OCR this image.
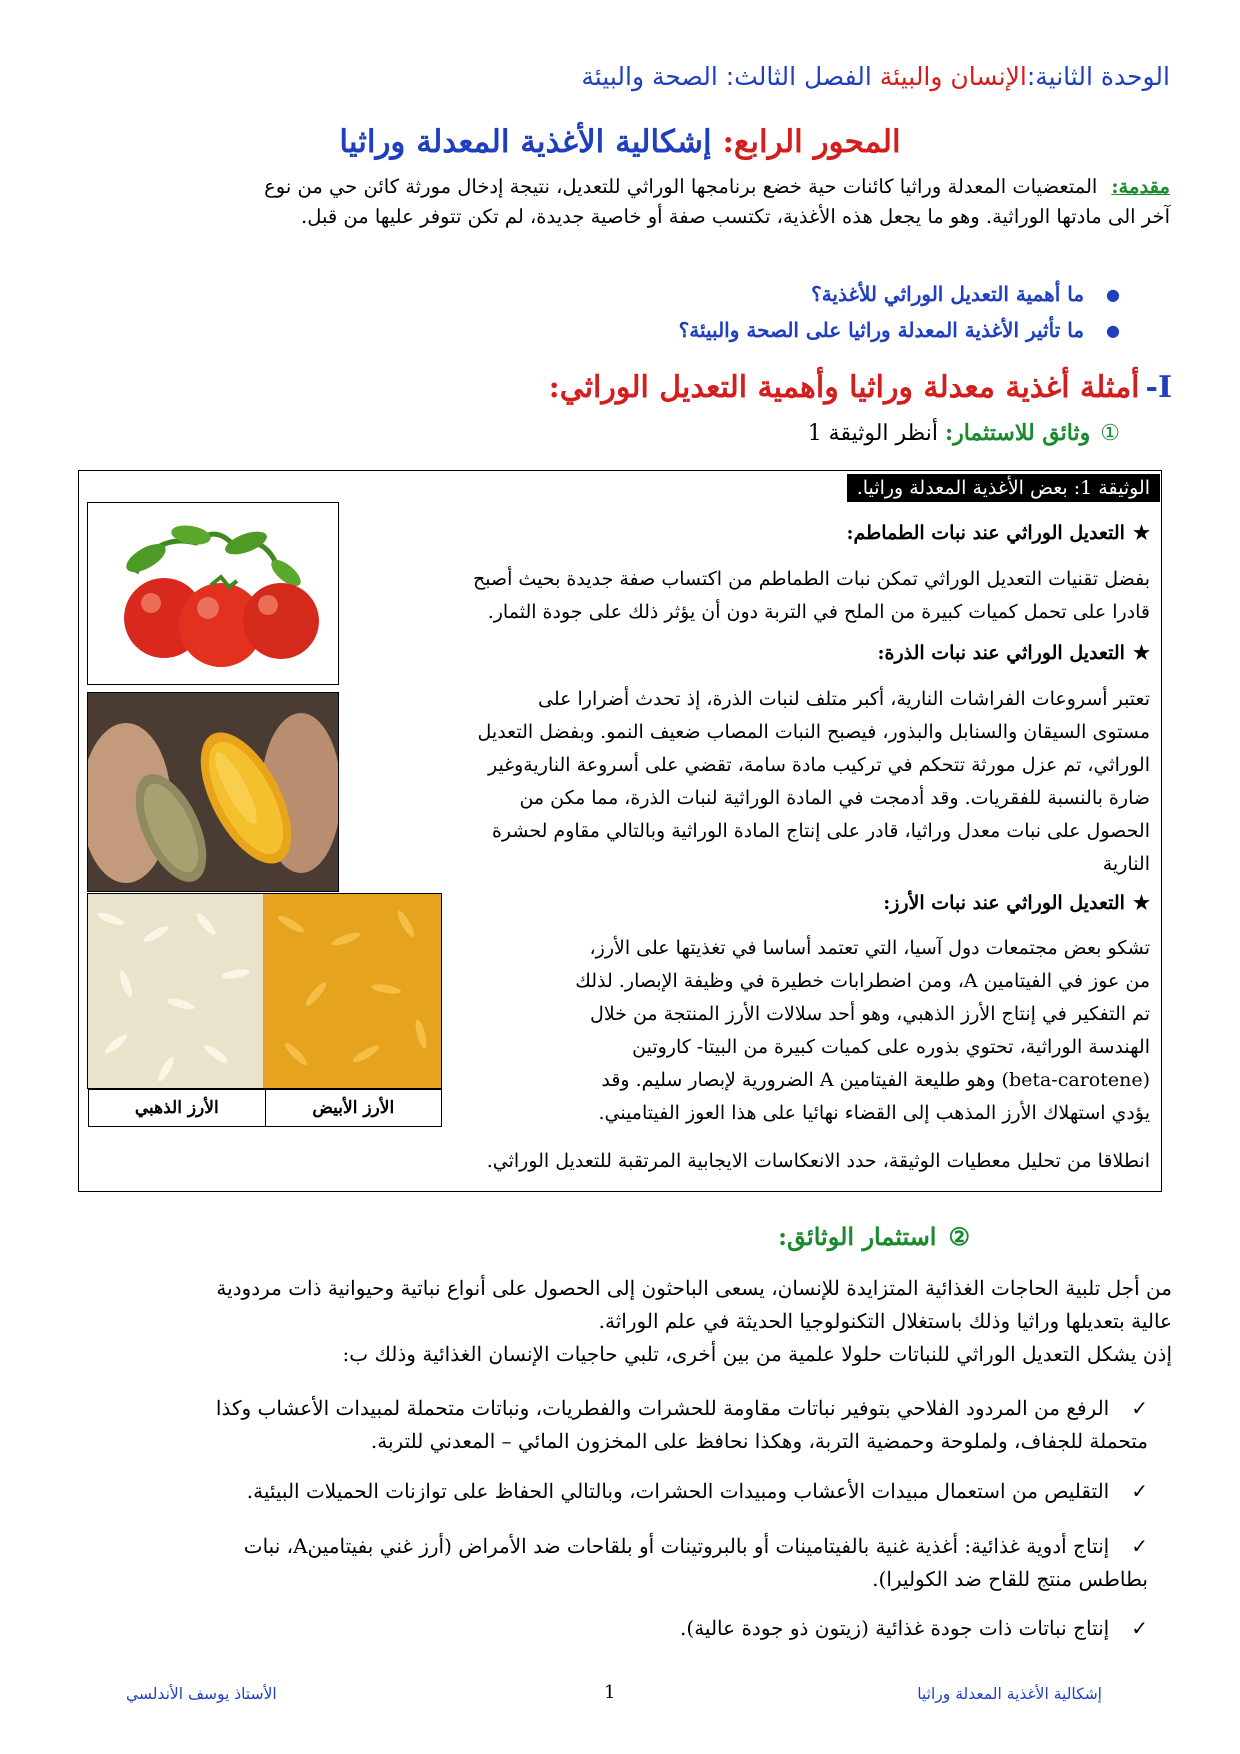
الوحدة الثانية:الإنسان والبيئة الفصل الثالث: الصحة والبيئة
المحور الرابع: إشكالية الأغذية المعدلة وراثيا
مقدمة:المتعضيات المعدلة وراثيا كائنات حية خضع برنامجها الوراثي للتعديل، نتيجة إدخال مورثة كائن حي من نوع
آخر الى مادتها الوراثية. وهو ما يجعل هذه الأغذية، تكتسب صفة أو خاصية جديدة، لم تكن تتوفر عليها من قبل.
●
ما أهمية التعديل الوراثي للأغذية؟
●
ما تأثير الأغذية المعدلة وراثيا على الصحة والبيئة؟
I-أمثلة أغذية معدلة وراثيا وأهمية التعديل الوراثي:
①وثائق للاستثمار: أنظر الوثيقة 1
الوثيقة 1: بعض الأغذية المعدلة وراثيا.
الأرز الأبيض
الأرز الذهبي
★التعديل الوراثي عند نبات الطماطم:
بفضل تقنيات التعديل الوراثي تمكن نبات الطماطم من اكتساب صفة جديدة بحيث أصبح
قادرا على تحمل كميات كبيرة من الملح في التربة دون أن يؤثر ذلك على جودة الثمار.
★التعديل الوراثي عند نبات الذرة:
تعتبر أسروعات الفراشات النارية، أكبر متلف لنبات الذرة، إذ تحدث أضرارا على
مستوى السيقان والسنابل والبذور، فيصبح النبات المصاب ضعيف النمو. وبفضل التعديل
الوراثي، تم عزل مورثة تتحكم في تركيب مادة سامة، تقضي على أسروعة الناريةوغير
ضارة بالنسبة للفقريات. وقد أدمجت في المادة الوراثية لنبات الذرة، مما مكن من
الحصول على نبات معدل وراثيا، قادر على إنتاج المادة الوراثية وبالتالي مقاوم لحشرة
النارية
★التعديل الوراثي عند نبات الأرز:
تشكو بعض مجتمعات دول آسيا، التي تعتمد أساسا في تغذيتها على الأرز،
من عوز في الفيتامين A، ومن اضطرابات خطيرة في وظيفة الإبصار. لذلك
تم التفكير في إنتاج الأرز الذهبي، وهو أحد سلالات الأرز المنتجة من خلال
الهندسة الوراثية، تحتوي بذوره على كميات كبيرة من البيتا- كاروتين
(beta-carotene) وهو طليعة الفيتامين A الضرورية لإبصار سليم. وقد
يؤدي استهلاك الأرز المذهب إلى القضاء نهائيا على هذا العوز الفيتاميني.
انطلاقا من تحليل معطيات الوثيقة، حدد الانعكاسات الايجابية المرتقبة للتعديل الوراثي.
②استثمار الوثائق:
من أجل تلبية الحاجات الغذائية المتزايدة للإنسان، يسعى الباحثون إلى الحصول على أنواع نباتية وحيوانية ذات مردودية
عالية بتعديلها وراثيا وذلك باستغلال التكنولوجيا الحديثة في علم الوراثة.
إذن يشكل التعديل الوراثي للنباتات حلولا علمية من بين أخرى، تلبي حاجيات الإنسان الغذائية وذلك ب:
✓الرفع من المردود الفلاحي بتوفير نباتات مقاومة للحشرات والفطريات، ونباتات متحملة لمبيدات الأعشاب وكذا
متحملة للجفاف، ولملوحة وحمضية التربة، وهكذا نحافظ على المخزون المائي – المعدني للتربة.
✓التقليص من استعمال مبيدات الأعشاب ومبيدات الحشرات، وبالتالي الحفاظ على توازنات الحميلات البيئية.
✓إنتاج أدوية غذائية: أغذية غنية بالفيتامينات أو بالبروتينات أو بلقاحات ضد الأمراض (أرز غني بفيتامينA، نبات
بطاطس منتج للقاح ضد الكوليرا).
✓إنتاج نباتات ذات جودة غذائية (زيتون ذو جودة عالية).
إشكالية الأغذية المعدلة وراثيا
1
الأستاذ يوسف الأندلسي
